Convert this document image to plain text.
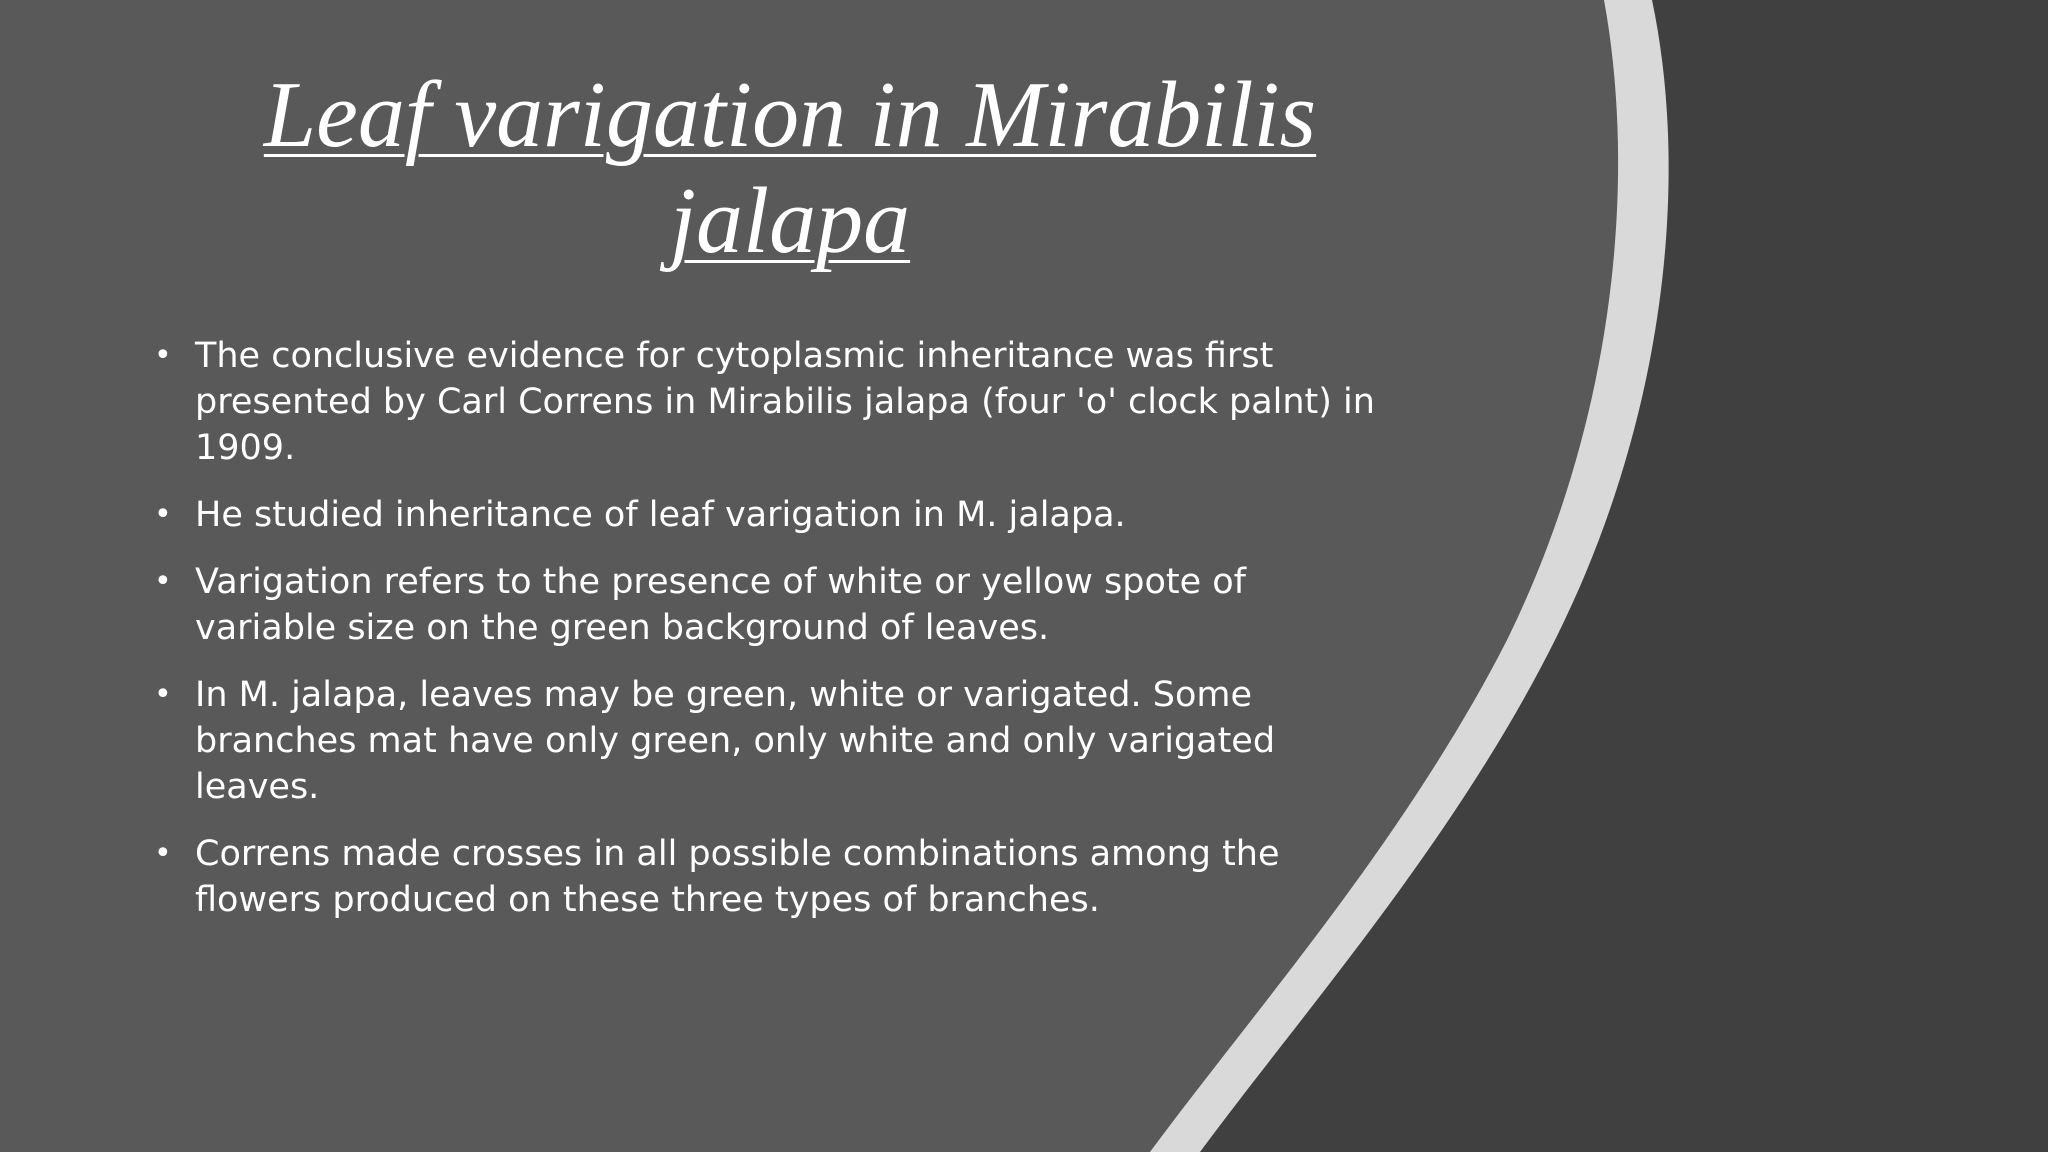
Leaf varigation in Mirabilis jalapa
• The conclusive evidence for cytoplasmic inheritance was first presented by Carl Correns in Mirabilis jalapa (four 'o' clock palnt) in 1909.
• He studied inheritance of leaf varigation in M. jalapa.
• Varigation refers to the presence of white or yellow spote of variable size on the green background of leaves.
• In M. jalapa, leaves may be green, white or varigated. Some branches mat have only green, only white and only varigated leaves.
• Correns made crosses in all possible combinations among the flowers produced on these three types of branches.
